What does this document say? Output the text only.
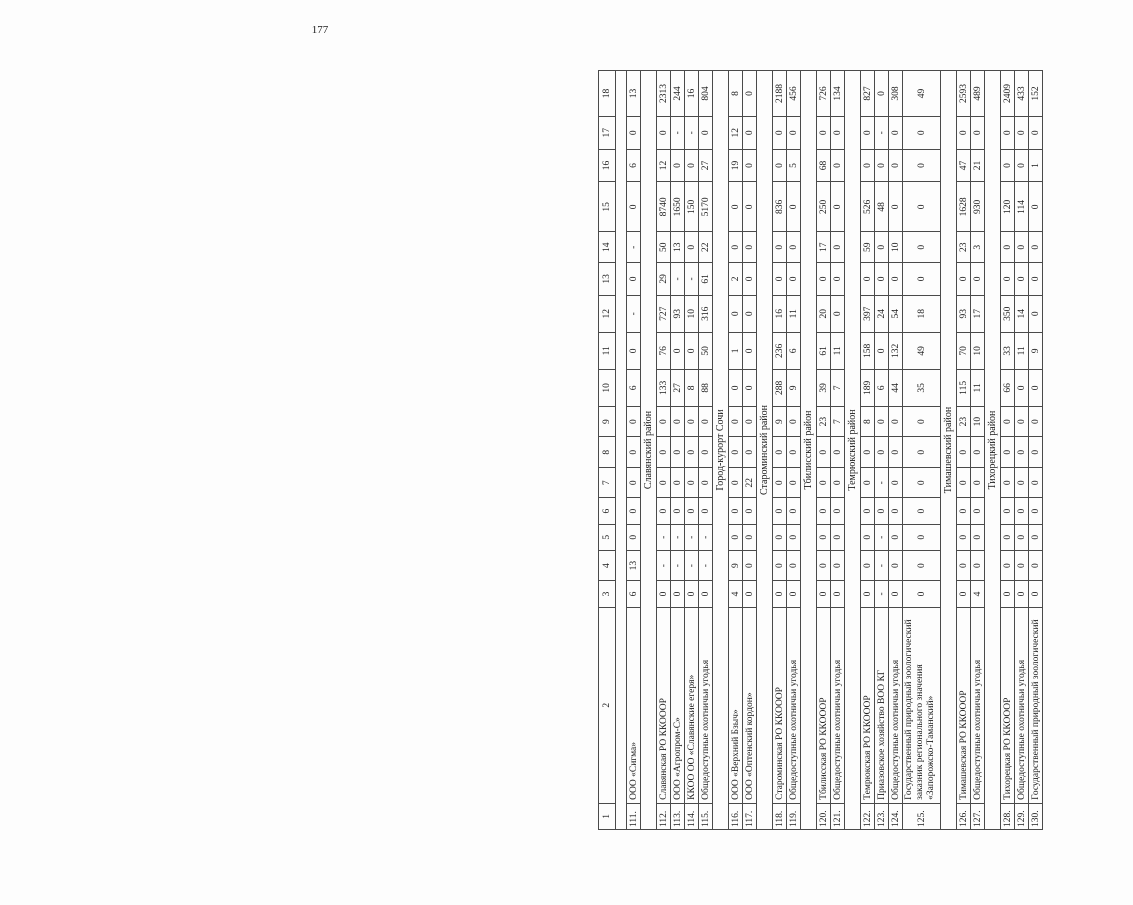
177
1	2	3	4	5	6	7	8	9	10	11	12	13	14	15	16	17	18

111.	ООО «Сигма»	6	13	0	0	0	0	0	6	0	-	0	-	0	6	0	13
Славянский район																	
112.	Славянская РО ККООOР	0	-	-	0	0	0	0	133	76	727	29	50	8740	12	0	2313
113.	ООО «Агропром-С»	0	-	-	0	0	0	0	27	0	93	-	13	1650	0	-	244
114.	ККОО ОО «Славянские егеря»	0	-	-	0	0	0	0	8	0	10	-	0	150	0	-	16
115.	Общедоступные охотничьи угодья	0	-	-	0	0	0	0	88	50	316	61	22	5170	27	0	804
Город-курорт Сочи																	
116.	ООО «Верхний Бзыч»	4	9	0	0	0	0	0	0	1	0	2	0	0	19	12	8
117.	ООО «Оптенский кордон»	0	0	0	0	22	0	0	0	0	0	0	0	0	0	0	0
Староминский район																	
118.	Староминская РО ККООOР	0	0	0	0	0	0	9	288	236	16	0	0	836	0	0	2188
119.	Общедоступные охотничьи угодья	0	0	0	0	0	0	0	9	6	11	0	0	0	5	0	456
Тбилисский район																	
120.	Тбилисская РО ККООOР	0	0	0	0	0	0	23	39	61	20	0	17	250	68	0	726
121.	Общедоступные охотничьи угодья	0	0	0	0	0	0	7	7	11	0	0	0	0	0	0	134
Темрюкский район																	
122.	Темрюкская РО ККООOР	0	0	0	0	0	0	8	189	158	397	0	59	526	0	0	827
123.	Приазовское хозяйство ВОО КГ	-	-	-	0	-	0	0	6	0	24	0	0	48	0	-	0
124.	Общедоступные охотничьи угодья	0	0	0	0	0	0	0	44	132	54	0	10	0	0	0	308
125.	Государственный природный зоологический заказник регионального значения «Запорожско-Таманский»	0	0	0	0	0	0	0	35	49	18	0	0	0	0	0	49
Тимашевский район																	
126.	Тимашевская РО ККООOР	0	0	0	0	0	0	23	115	70	93	0	23	1628	47	0	2593
127.	Общедоступные охотничьи угодья	4	0	0	0	0	0	10	11	10	17	0	3	930	21	0	489
Тихорецкий район																	
128.	Тихорецкая РО ККООOР	0	0	0	0	0	0	0	66	33	350	0	0	120	0	0	2409
129.	Общедоступные охотничьи угодья	0	0	0	0	0	0	0	0	11	14	0	0	114	0	0	433
130.	Государственный природный зоологический	0	0	0	0	0	0	0	0	9	0	0	0	0	1	0	152
